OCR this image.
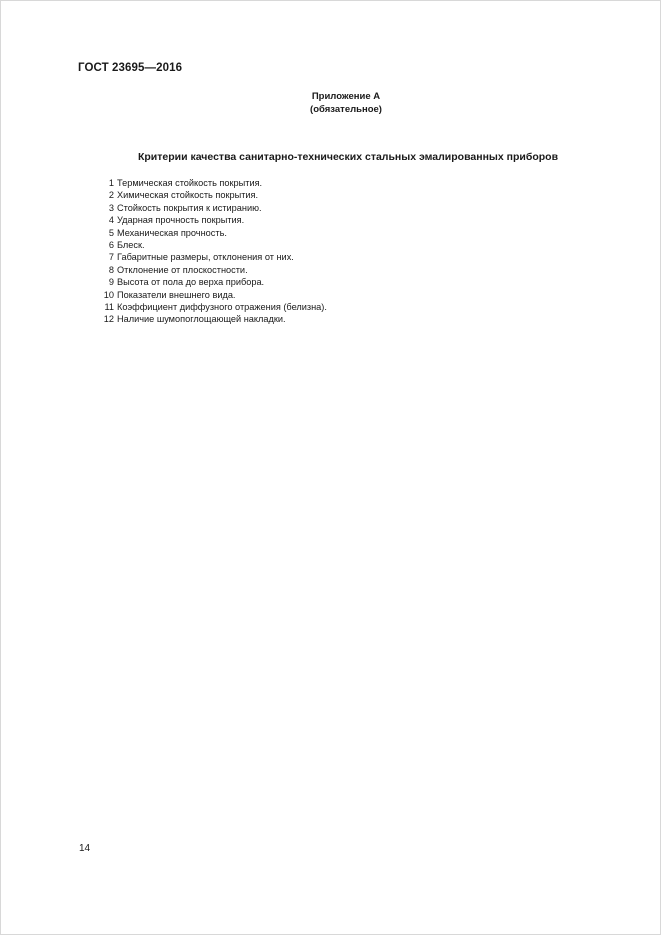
ГОСТ 23695—2016
Приложение А
(обязательное)
Критерии качества санитарно-технических стальных эмалированных приборов
1 Термическая стойкость покрытия.
2 Химическая стойкость покрытия.
3 Стойкость покрытия к истиранию.
4 Ударная прочность покрытия.
5 Механическая прочность.
6 Блеск.
7 Габаритные размеры, отклонения от них.
8 Отклонение от плоскостности.
9 Высота от пола до верха прибора.
10 Показатели внешнего вида.
11 Коэффициент диффузного отражения (белизна).
12 Наличие шумопоглощающей накладки.
14
